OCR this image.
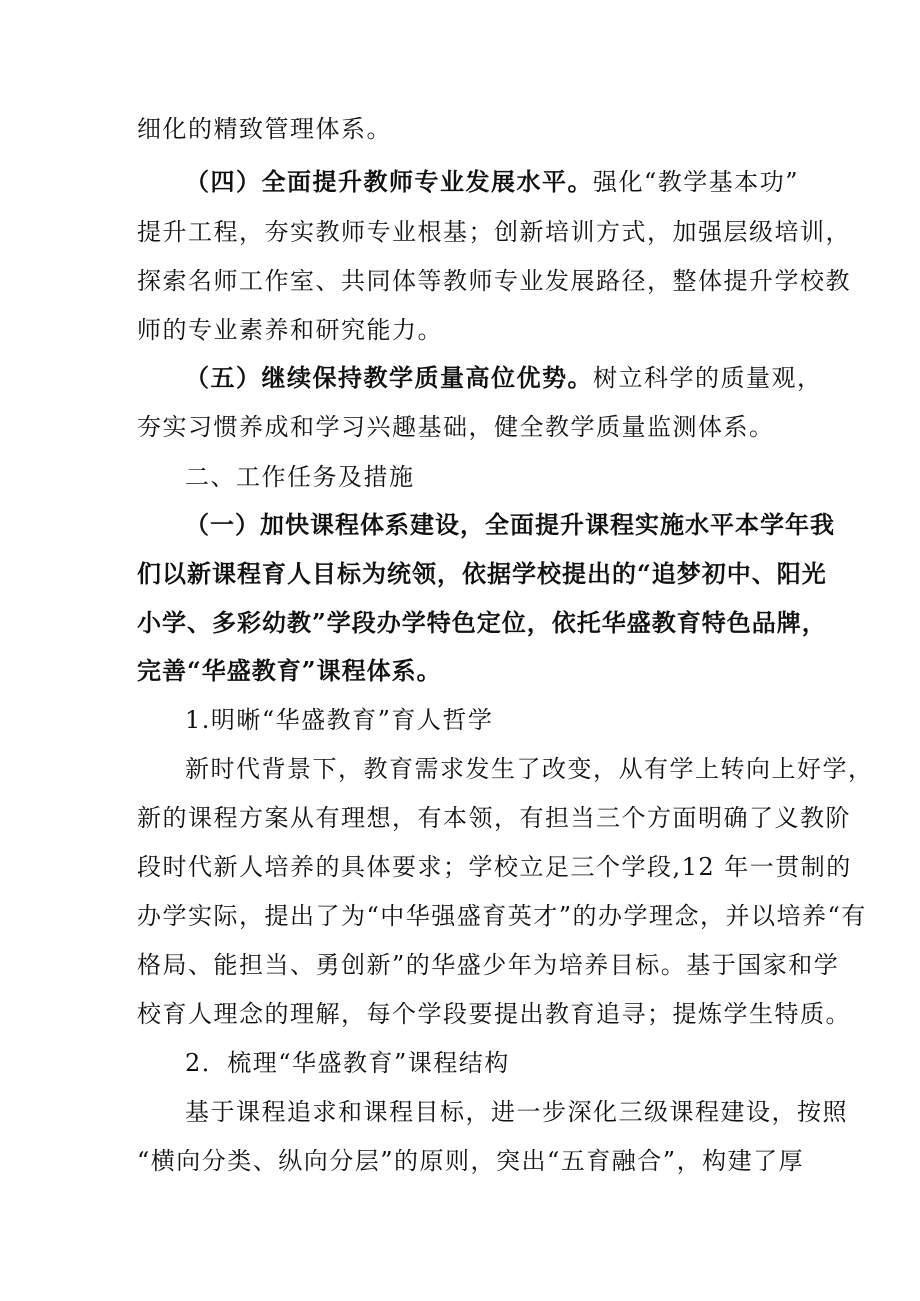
细化的精致管理体系。
（四）全面提升教师专业发展水平。强化“教学基本功”
提升工程，夯实教师专业根基；创新培训方式，加强层级培训，
探索名师工作室、共同体等教师专业发展路径，整体提升学校教
师的专业素养和研究能力。
（五）继续保持教学质量高位优势。树立科学的质量观，
夯实习惯养成和学习兴趣基础，健全教学质量监测体系。
二、工作任务及措施
（一）加快课程体系建设，全面提升课程实施水平本学年我
们以新课程育人目标为统领，依据学校提出的“追梦初中、阳光
小学、多彩幼教”学段办学特色定位，依托华盛教育特色品牌，
完善“华盛教育”课程体系。
1.明晰“华盛教育”育人哲学
新时代背景下，教育需求发生了改变，从有学上转向上好学，
新的课程方案从有理想，有本领，有担当三个方面明确了义教阶
段时代新人培养的具体要求；学校立足三个学段,12 年一贯制的
办学实际，提出了为“中华强盛育英才”的办学理念，并以培养“有
格局、能担当、勇创新”的华盛少年为培养目标。基于国家和学
校育人理念的理解，每个学段要提出教育追寻；提炼学生特质。
2．梳理“华盛教育”课程结构
基于课程追求和课程目标，进一步深化三级课程建设，按照
“横向分类、纵向分层”的原则，突出“五育融合”，构建了厚
